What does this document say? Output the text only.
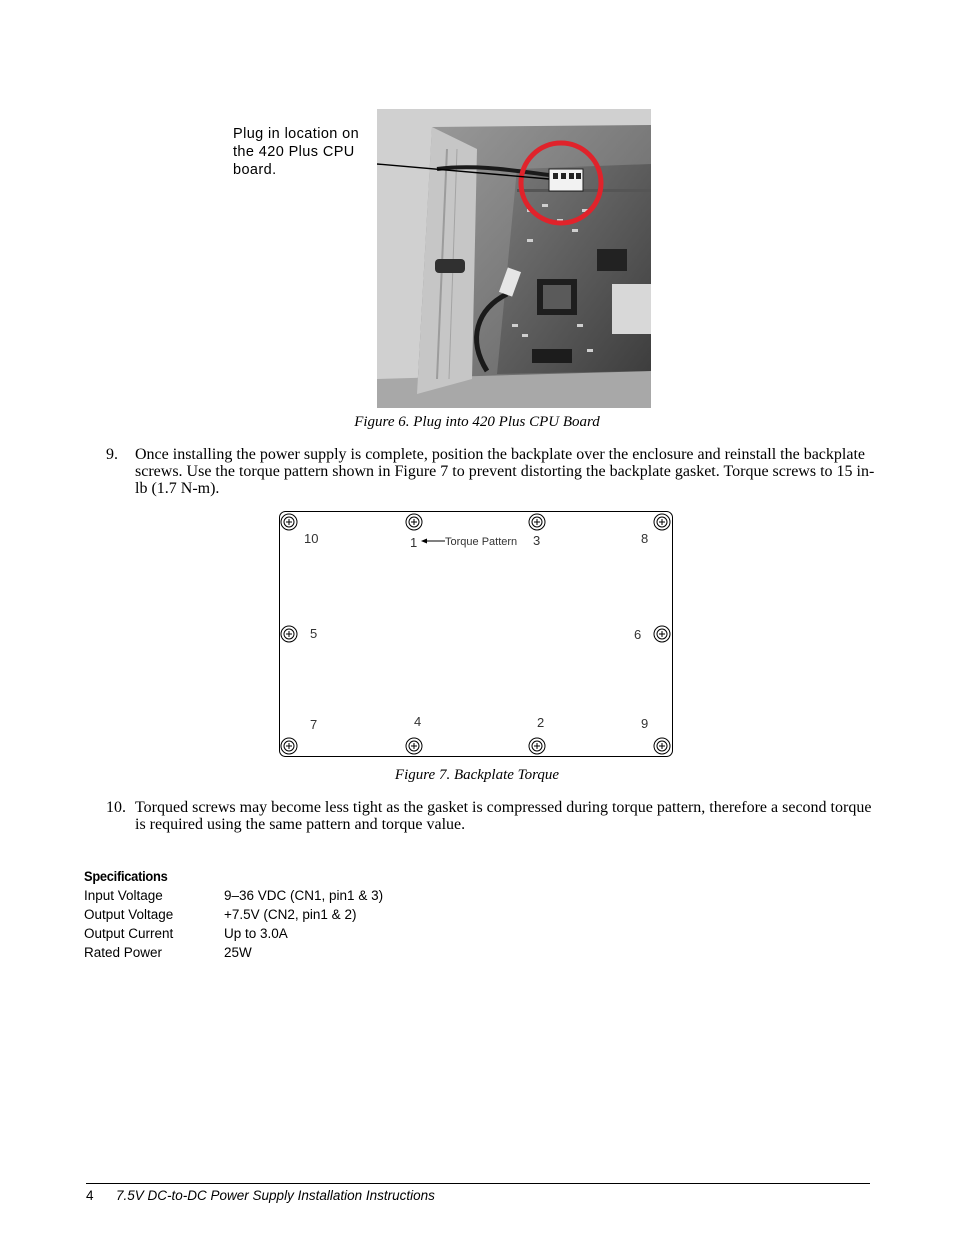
Plug in location on the 420 Plus CPU board.
Figure 6. Plug into 420 Plus CPU Board
9. Once installing the power supply is complete, position the backplate over the enclosure and reinstall the backplate screws. Use the torque pattern shown in Figure 7 to prevent distorting the backplate gasket. Torque screws to 15 in-lb (1.7 N-m).
10	1	3	8
5	6
7	4	2	9
Torque Pattern
Figure 7. Backplate Torque
10. Torqued screws may become less tight as the gasket is compressed during torque pattern, therefore a second torque is required using the same pattern and torque value.
Specifications
Input Voltage	9–36 VDC (CN1, pin1 & 3)
Output Voltage	+7.5V (CN2, pin1 & 2)
Output Current	Up to 3.0A
Rated Power	25W
4 7.5V DC-to-DC Power Supply Installation Instructions
